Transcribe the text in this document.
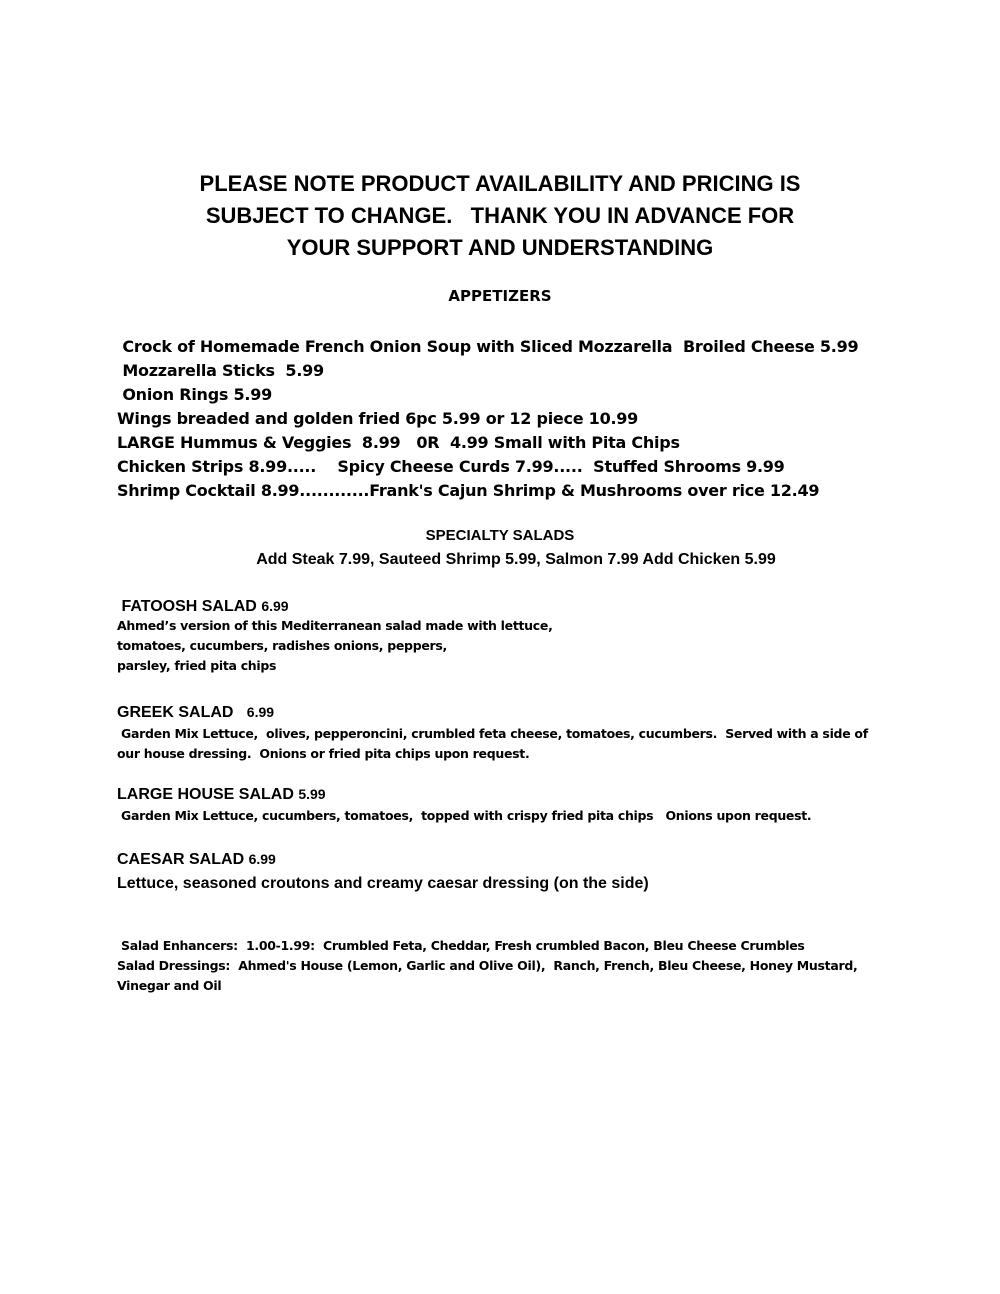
PLEASE NOTE PRODUCT AVAILABILITY AND PRICING IS
SUBJECT TO CHANGE.   THANK YOU IN ADVANCE FOR
YOUR SUPPORT AND UNDERSTANDING
APPETIZERS
Crock of Homemade French Onion Soup with Sliced Mozzarella  Broiled Cheese 5.99
Mozzarella Sticks  5.99
Onion Rings 5.99
Wings breaded and golden fried 6pc 5.99 or 12 piece 10.99
LARGE Hummus & Veggies  8.99   0R  4.99 Small with Pita Chips
Chicken Strips 8.99.....    Spicy Cheese Curds 7.99.....  Stuffed Shrooms 9.99
Shrimp Cocktail 8.99............Frank's Cajun Shrimp & Mushrooms over rice 12.49
SPECIALTY SALADS
Add Steak 7.99, Sauteed Shrimp 5.99, Salmon 7.99 Add Chicken 5.99
FATOOSH SALAD 6.99
Ahmed’s version of this Mediterranean salad made with lettuce,
tomatoes, cucumbers, radishes onions, peppers,
parsley, fried pita chips
GREEK SALAD   6.99
Garden Mix Lettuce,  olives, pepperoncini, crumbled feta cheese, tomatoes, cucumbers.  Served with a side of
our house dressing.  Onions or fried pita chips upon request.
LARGE HOUSE SALAD 5.99
Garden Mix Lettuce, cucumbers, tomatoes,  topped with crispy fried pita chips   Onions upon request.
CAESAR SALAD 6.99
Lettuce, seasoned croutons and creamy caesar dressing (on the side)
Salad Enhancers:  1.00-1.99:  Crumbled Feta, Cheddar, Fresh crumbled Bacon, Bleu Cheese Crumbles
Salad Dressings:  Ahmed's House (Lemon, Garlic and Olive Oil),  Ranch, French, Bleu Cheese, Honey Mustard,
Vinegar and Oil
